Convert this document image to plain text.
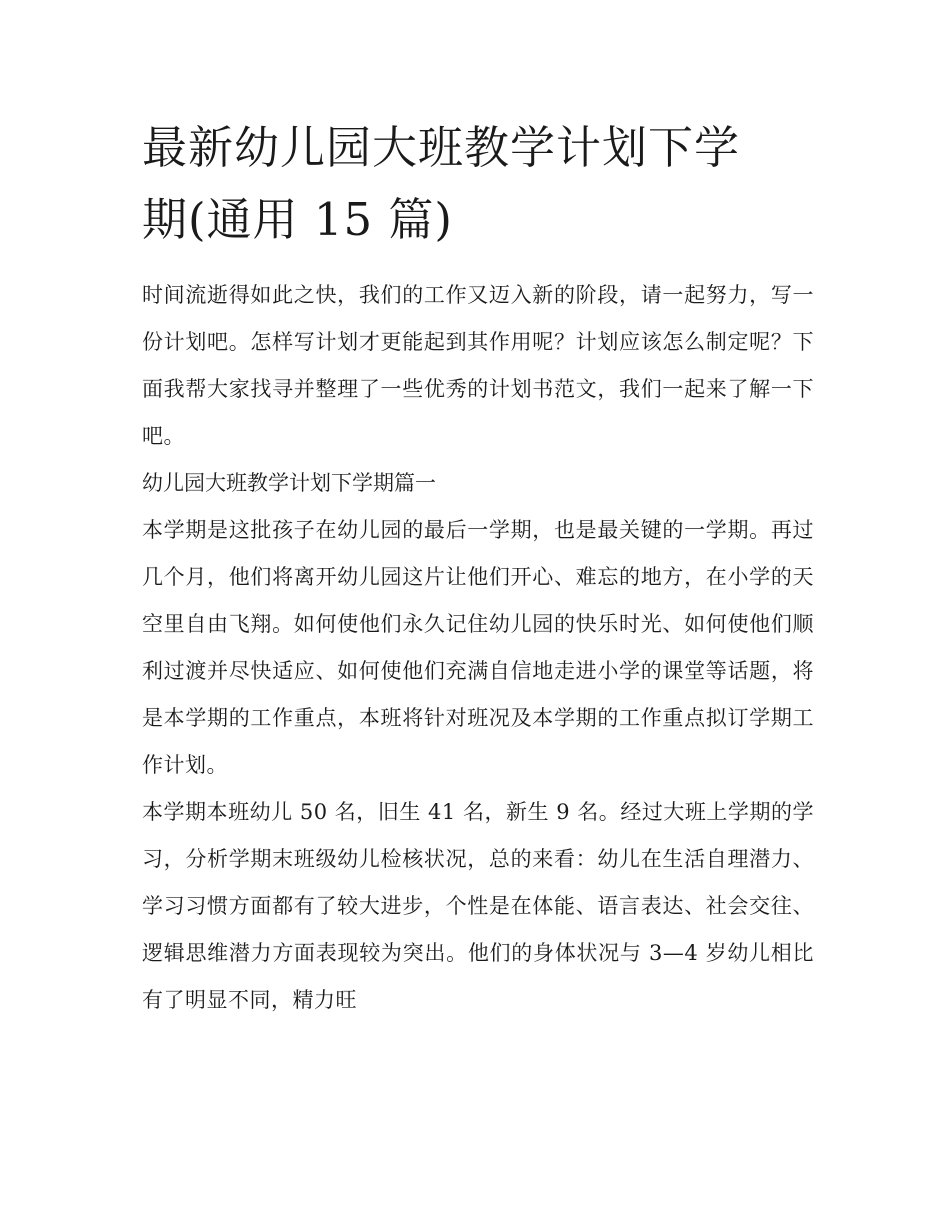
最新幼儿园大班教学计划下学
期(通用 15 篇)

时间流逝得如此之快，我们的工作又迈入新的阶段，请一起努力，写一份计划吧。怎样写计划才更能起到其作用呢？计划应该怎么制定呢？下面我帮大家找寻并整理了一些优秀的计划书范文，我们一起来了解一下吧。

幼儿园大班教学计划下学期篇一

本学期是这批孩子在幼儿园的最后一学期，也是最关键的一学期。再过几个月，他们将离开幼儿园这片让他们开心、难忘的地方，在小学的天空里自由飞翔。如何使他们永久记住幼儿园的快乐时光、如何使他们顺利过渡并尽快适应、如何使他们充满自信地走进小学的课堂等话题，将是本学期的工作重点，本班将针对班况及本学期的工作重点拟订学期工作计划。

本学期本班幼儿 50 名，旧生 41 名，新生 9 名。经过大班上学期的学习，分析学期末班级幼儿检核状况，总的来看：幼儿在生活自理潜力、学习习惯方面都有了较大进步，个性是在体能、语言表达、社会交往、逻辑思维潜力方面表现较为突出。他们的身体状况与 3—4 岁幼儿相比有了明显不同，精力旺
